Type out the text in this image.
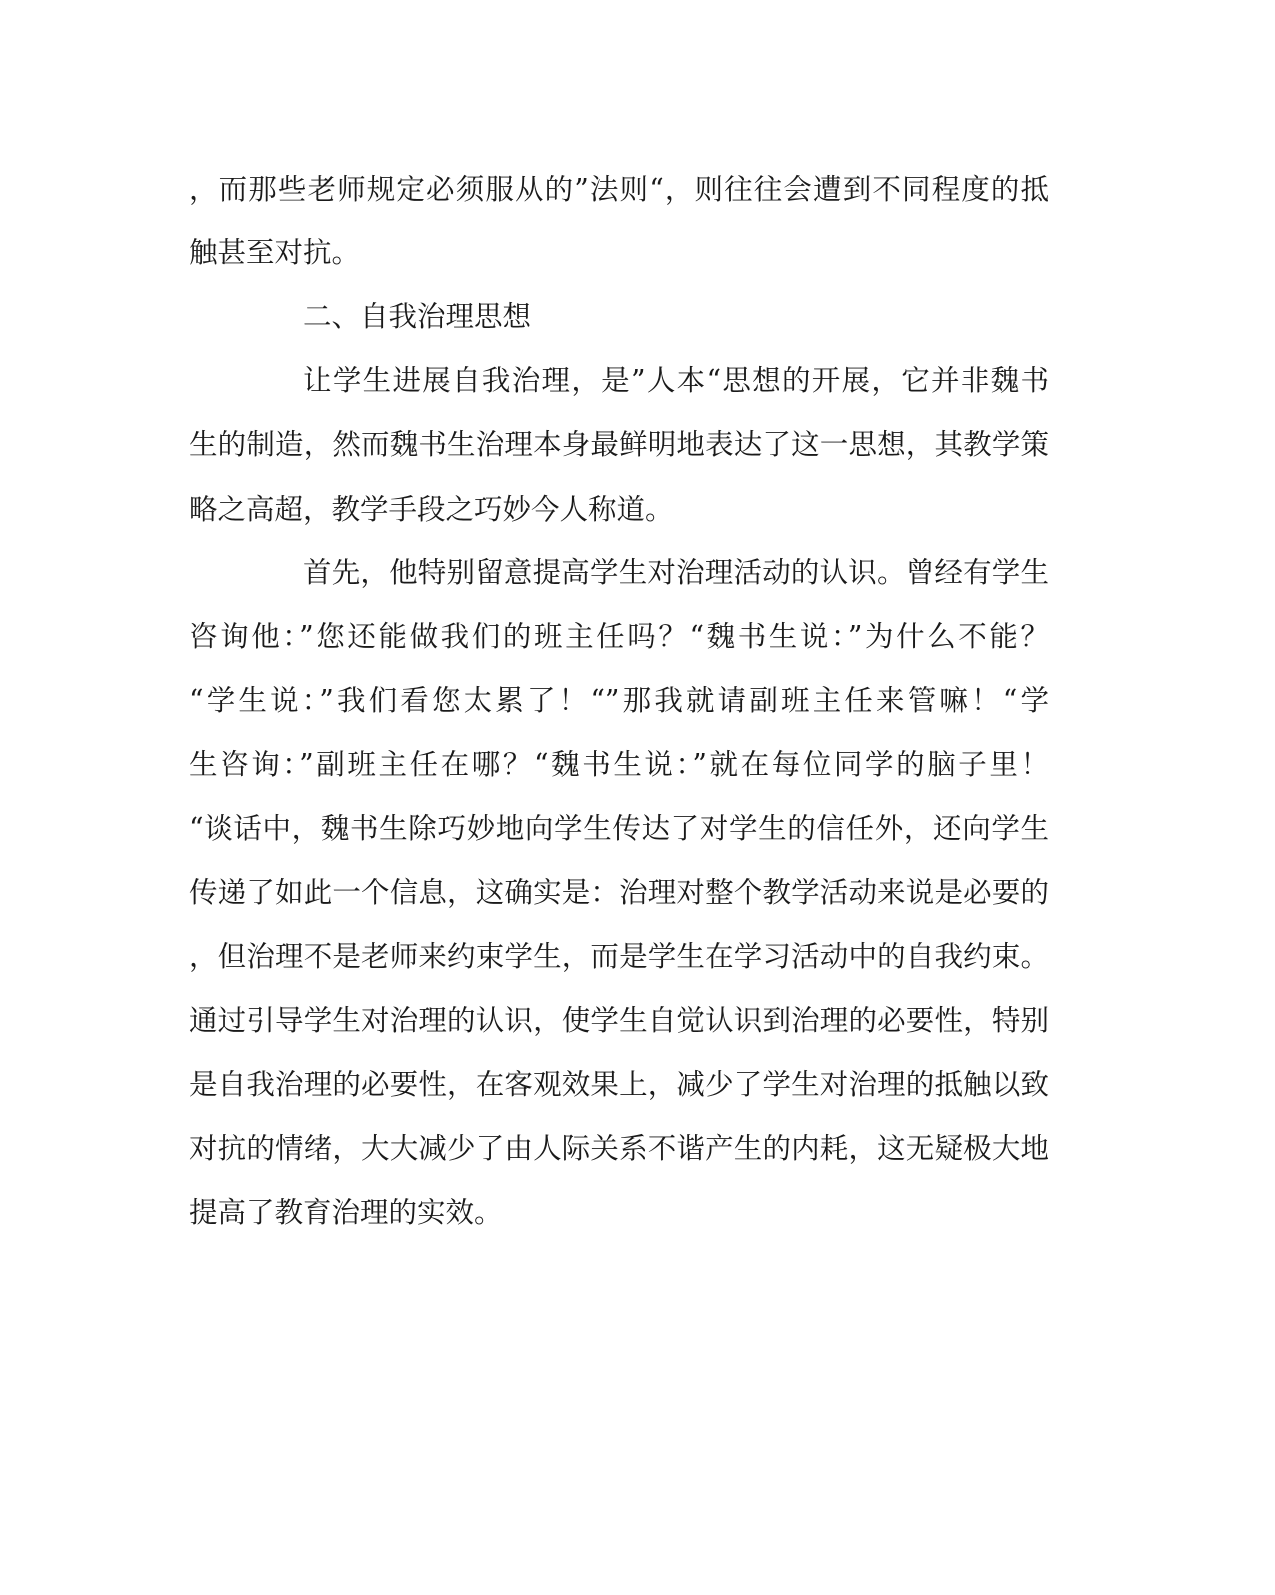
，而那些老师规定必须服从的”法则“，则往往会遭到不同程度的抵
触甚至对抗。
二、自我治理思想
让学生进展自我治理，是”人本“思想的开展，它并非魏书
生的制造，然而魏书生治理本身最鲜明地表达了这一思想，其教学策
略之高超，教学手段之巧妙今人称道。
首先，他特别留意提高学生对治理活动的认识。曾经有学生
咨询他：”您还能做我们的班主任吗？“魏书生说：”为什么不能？
“学生说：”我们看您太累了！“”那我就请副班主任来管嘛！“学
生咨询：”副班主任在哪？“魏书生说：”就在每位同学的脑子里！
“谈话中，魏书生除巧妙地向学生传达了对学生的信任外，还向学生
传递了如此一个信息，这确实是：治理对整个教学活动来说是必要的
，但治理不是老师来约束学生，而是学生在学习活动中的自我约束。
通过引导学生对治理的认识，使学生自觉认识到治理的必要性，特别
是自我治理的必要性，在客观效果上，减少了学生对治理的抵触以致
对抗的情绪，大大减少了由人际关系不谐产生的内耗，这无疑极大地
提高了教育治理的实效。
